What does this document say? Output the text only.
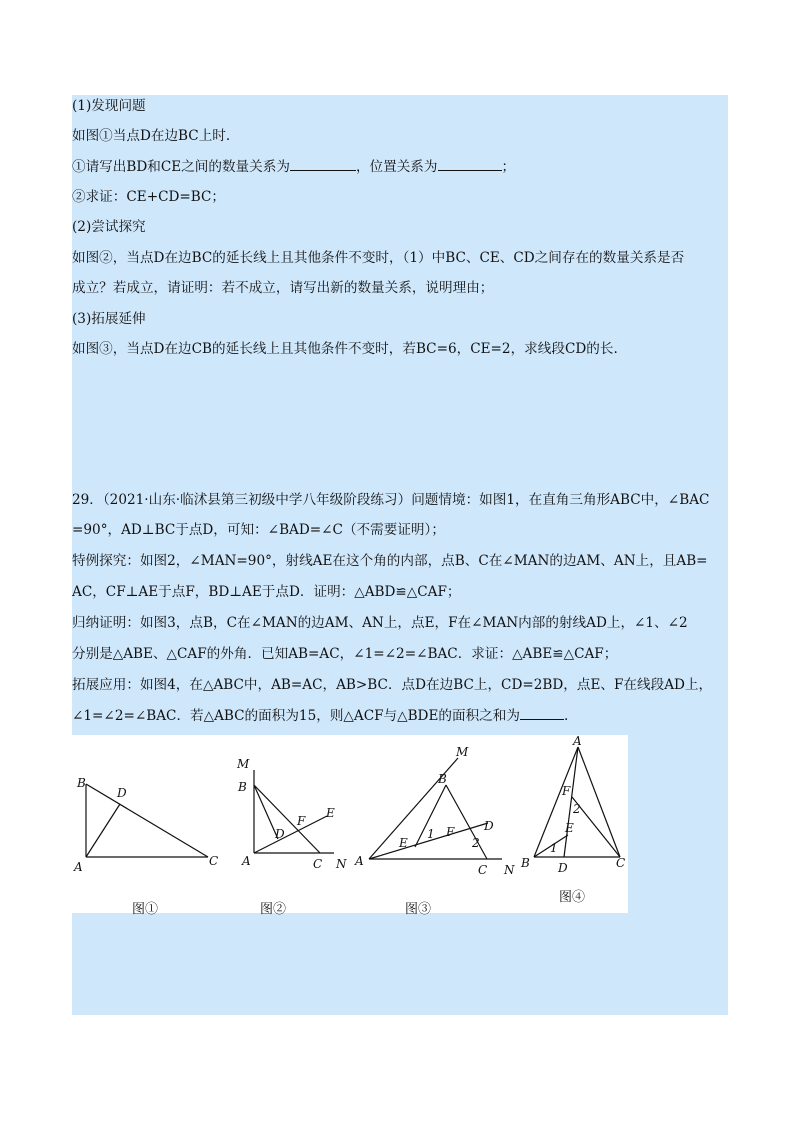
(1)发现问题
如图①当点D在边BC上时.
①请写出BD和CE之间的数量关系为	，位置关系为	；
②求证：CE+CD=BC；
(2)尝试探究
如图②，当点D在边BC的延长线上且其他条件不变时，（1）中BC、CE、CD之间存在的数量关系是否
成立？若成立，请证明：若不成立，请写出新的数量关系，说明理由；
(3)拓展延伸
如图③，当点D在边CB的延长线上且其他条件不变时，若BC=6，CE=2，求线段CD的长.
29．（2021·山东·临沭县第三初级中学八年级阶段练习）问题情境：如图1，在直角三角形ABC中，∠BAC
=90°，AD⊥BC于点D，可知：∠BAD=∠C（不需要证明）；
特例探究：如图2，∠MAN=90°，射线AE在这个角的内部，点B、C在∠MAN的边AM、AN上，且AB=
AC，CF⊥AE于点F，BD⊥AE于点D．证明：△ABD≌△CAF；
归纳证明：如图3，点B，C在∠MAN的边AM、AN上，点E，F在∠MAN内部的射线AD上，∠1、∠2
分别是△ABE、△CAF的外角．已知AB=AC，∠1=∠2=∠BAC．求证：△ABE≌△CAF；
拓展应用：如图4，在△ABC中，AB=AC，AB>BC．点D在边BC上，CD=2BD，点E、F在线段AD上，
∠1=∠2=∠BAC．若△ABC的面积为15，则△ACF与△BDE的面积之和为	.
B
D
A	C
M
B
F
E
D
A	C N
M
B
E
1 F D
2
A
C N
A
F
2
E
1
B D	C
图①	图②	图③
图④
